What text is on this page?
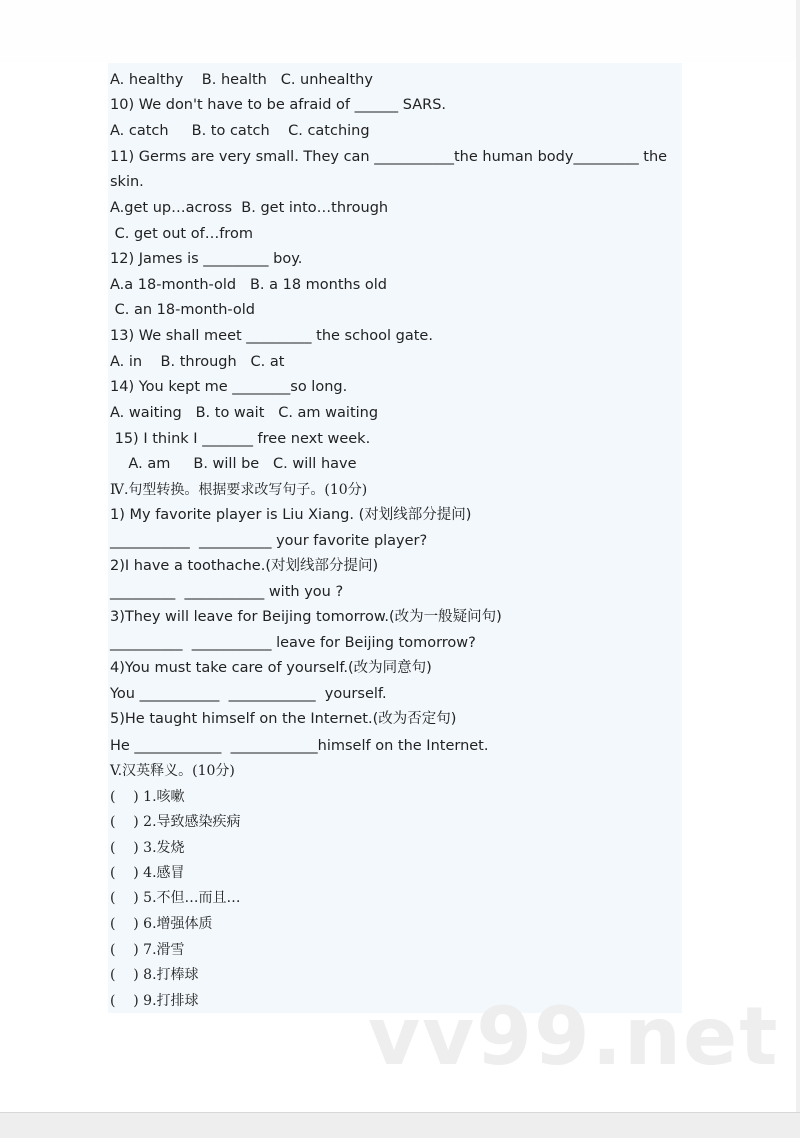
A. healthy    B. health   C. unhealthy
10) We don't have to be afraid of ______ SARS.
A. catch     B. to catch    C. catching
11) Germs are very small. They can ___________the human body_________ the
skin.
A.get up…across  B. get into…through
C. get out of…from
12) James is _________ boy.
A.a 18-month-old   B. a 18 months old
C. an 18-month-old
13) We shall meet _________ the school gate.
A. in    B. through   C. at
14) You kept me ________so long.
A. waiting   B. to wait   C. am waiting
15) I think I _______ free next week.
A. am     B. will be   C. will have
Ⅳ.句型转换。根据要求改写句子。(10分)
1) My favorite player is Liu Xiang. (对划线部分提问)
___________  __________ your favorite player?
2)I have a toothache.(对划线部分提问)
_________  ___________ with you ?
3)They will leave for Beijing tomorrow.(改为一般疑问句)
__________  ___________ leave for Beijing tomorrow?
4)You must take care of yourself.(改为同意句)
You ___________  ____________  yourself.
5)He taught himself on the Internet.(改为否定句)
He ____________  ____________himself on the Internet.
V.汉英释义。(10分)
(    ) 1.咳嗽
(    ) 2.导致感染疾病
(    ) 3.发烧
(    ) 4.感冒
(    ) 5.不但…而且…
(    ) 6.增强体质
(    ) 7.滑雪
(    ) 8.打棒球
(    ) 9.打排球 vv99.net
